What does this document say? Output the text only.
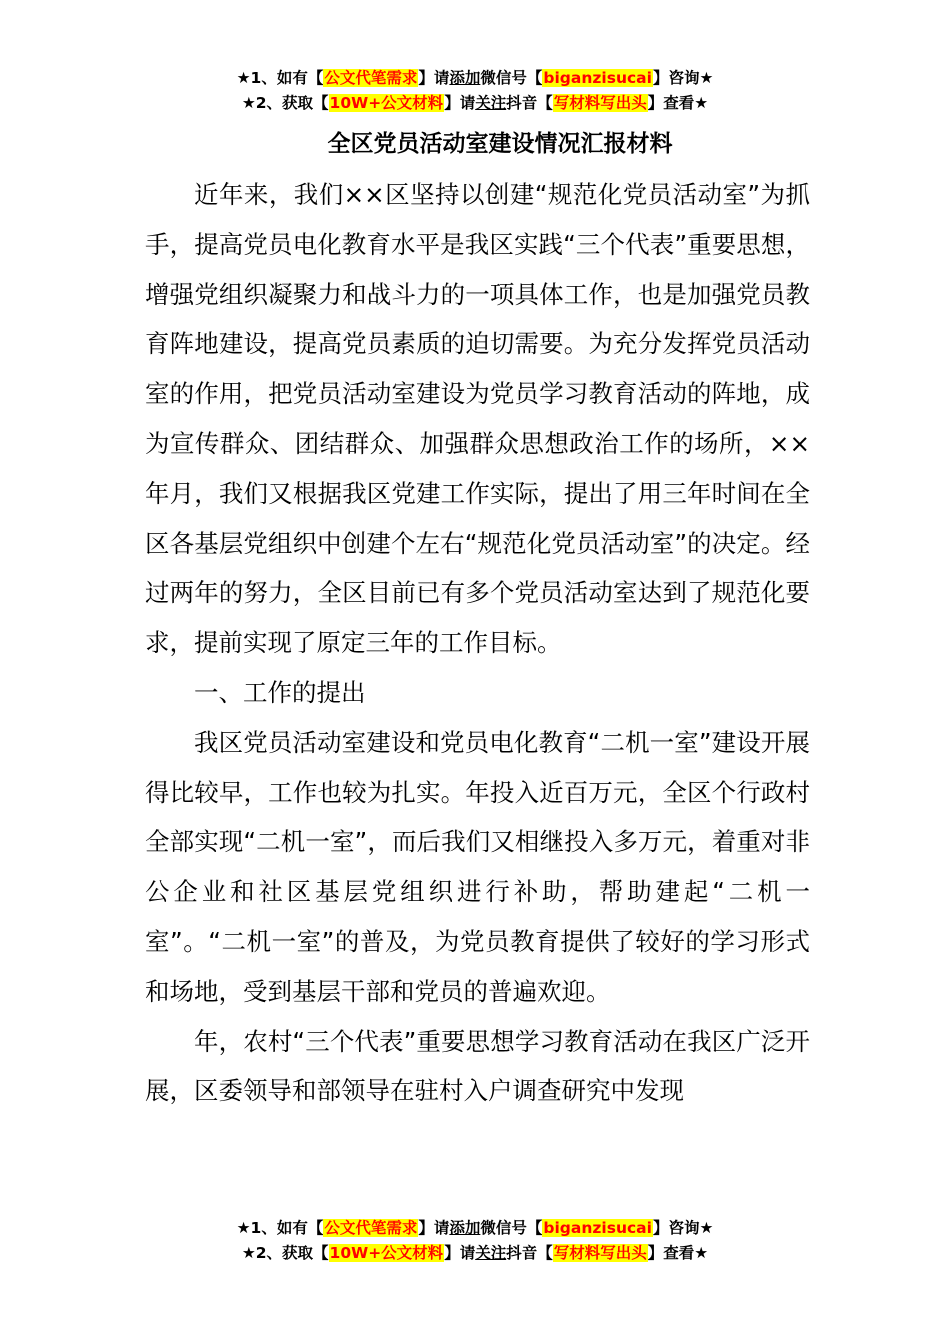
★1、如有【公文代笔需求】请添加微信号【biganzisucai】咨询★
★2、获取【10W+公文材料】请关注抖音【写材料写出头】查看★
全区党员活动室建设情况汇报材料

近年来，我们××区坚持以创建“规范化党员活动室”为抓手，提高党员电化教育水平是我区实践“三个代表”重要思想，增强党组织凝聚力和战斗力的一项具体工作，也是加强党员教育阵地建设，提高党员素质的迫切需要。为充分发挥党员活动室的作用，把党员活动室建设为党员学习教育活动的阵地，成为宣传群众、团结群众、加强群众思想政治工作的场所，××年月，我们又根据我区党建工作实际，提出了用三年时间在全区各基层党组织中创建个左右“规范化党员活动室”的决定。经过两年的努力，全区目前已有多个党员活动室达到了规范化要求，提前实现了原定三年的工作目标。

一、工作的提出

我区党员活动室建设和党员电化教育“二机一室”建设开展得比较早，工作也较为扎实。年投入近百万元，全区个行政村全部实现“二机一室”，而后我们又相继投入多万元，着重对非公企业和社区基层党组织进行补助，帮助建起“二机一室”。“二机一室”的普及，为党员教育提供了较好的学习形式和场地，受到基层干部和党员的普遍欢迎。

年，农村“三个代表”重要思想学习教育活动在我区广泛开展，区委领导和部领导在驻村入户调查研究中发现

★1、如有【公文代笔需求】请添加微信号【biganzisucai】咨询★
★2、获取【10W+公文材料】请关注抖音【写材料写出头】查看★
